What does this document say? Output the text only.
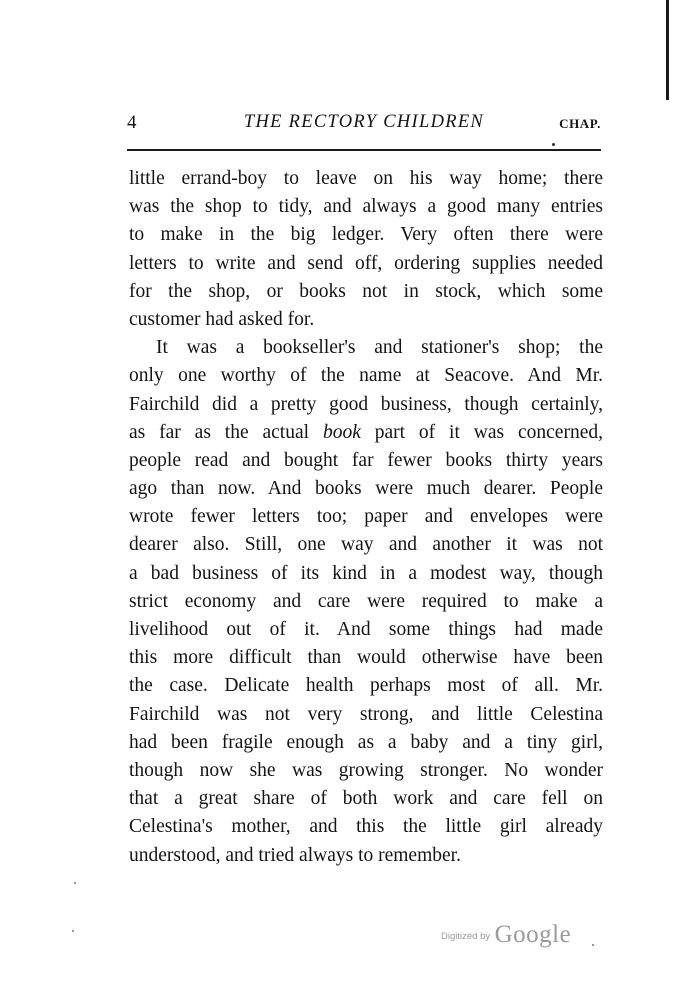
4	THE RECTORY CHILDREN	CHAP.
little errand-boy to leave on his way home; there
was the shop to tidy, and always a good many entries
to make in the big ledger. Very often there were
letters to write and send off, ordering supplies needed
for the shop, or books not in stock, which some
customer had asked for.
It was a bookseller's and stationer's shop; the
only one worthy of the name at Seacove. And Mr.
Fairchild did a pretty good business, though certainly,
as far as the actual book part of it was concerned,
people read and bought far fewer books thirty years
ago than now. And books were much dearer. People
wrote fewer letters too; paper and envelopes were
dearer also. Still, one way and another it was not
a bad business of its kind in a modest way, though
strict economy and care were required to make a
livelihood out of it. And some things had made
this more difficult than would otherwise have been
the case. Delicate health perhaps most of all. Mr.
Fairchild was not very strong, and little Celestina
had been fragile enough as a baby and a tiny girl,
though now she was growing stronger. No wonder
that a great share of both work and care fell on
Celestina's mother, and this the little girl already
understood, and tried always to remember.
Digitized by Google
